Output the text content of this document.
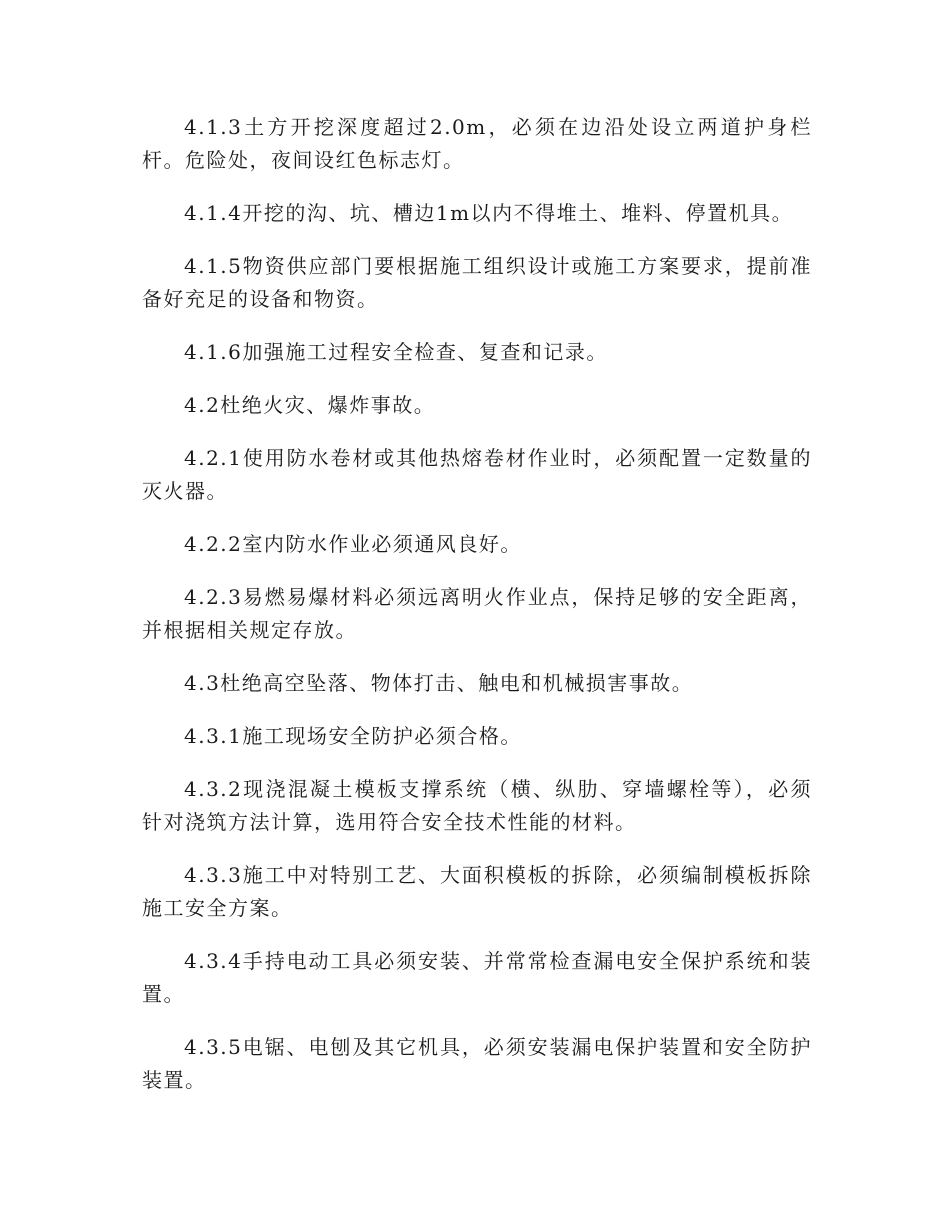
4.1.3土方开挖深度超过2.0m，必须在边沿处设立两道护身栏杆。危险处，夜间设红色标志灯。

4.1.4开挖的沟、坑、槽边1m以内不得堆土、堆料、停置机具。

4.1.5物资供应部门要根据施工组织设计或施工方案要求，提前准备好充足的设备和物资。

4.1.6加强施工过程安全检查、复查和记录。

4.2杜绝火灾、爆炸事故。

4.2.1使用防水卷材或其他热熔卷材作业时，必须配置一定数量的灭火器。

4.2.2室内防水作业必须通风良好。

4.2.3易燃易爆材料必须远离明火作业点，保持足够的安全距离，并根据相关规定存放。

4.3杜绝高空坠落、物体打击、触电和机械损害事故。

4.3.1施工现场安全防护必须合格。

4.3.2现浇混凝土模板支撑系统（横、纵肋、穿墙螺栓等），必须针对浇筑方法计算，选用符合安全技术性能的材料。

4.3.3施工中对特别工艺、大面积模板的拆除，必须编制模板拆除施工安全方案。

4.3.4手持电动工具必须安装、并常常检查漏电安全保护系统和装置。

4.3.5电锯、电刨及其它机具，必须安装漏电保护装置和安全防护装置。
